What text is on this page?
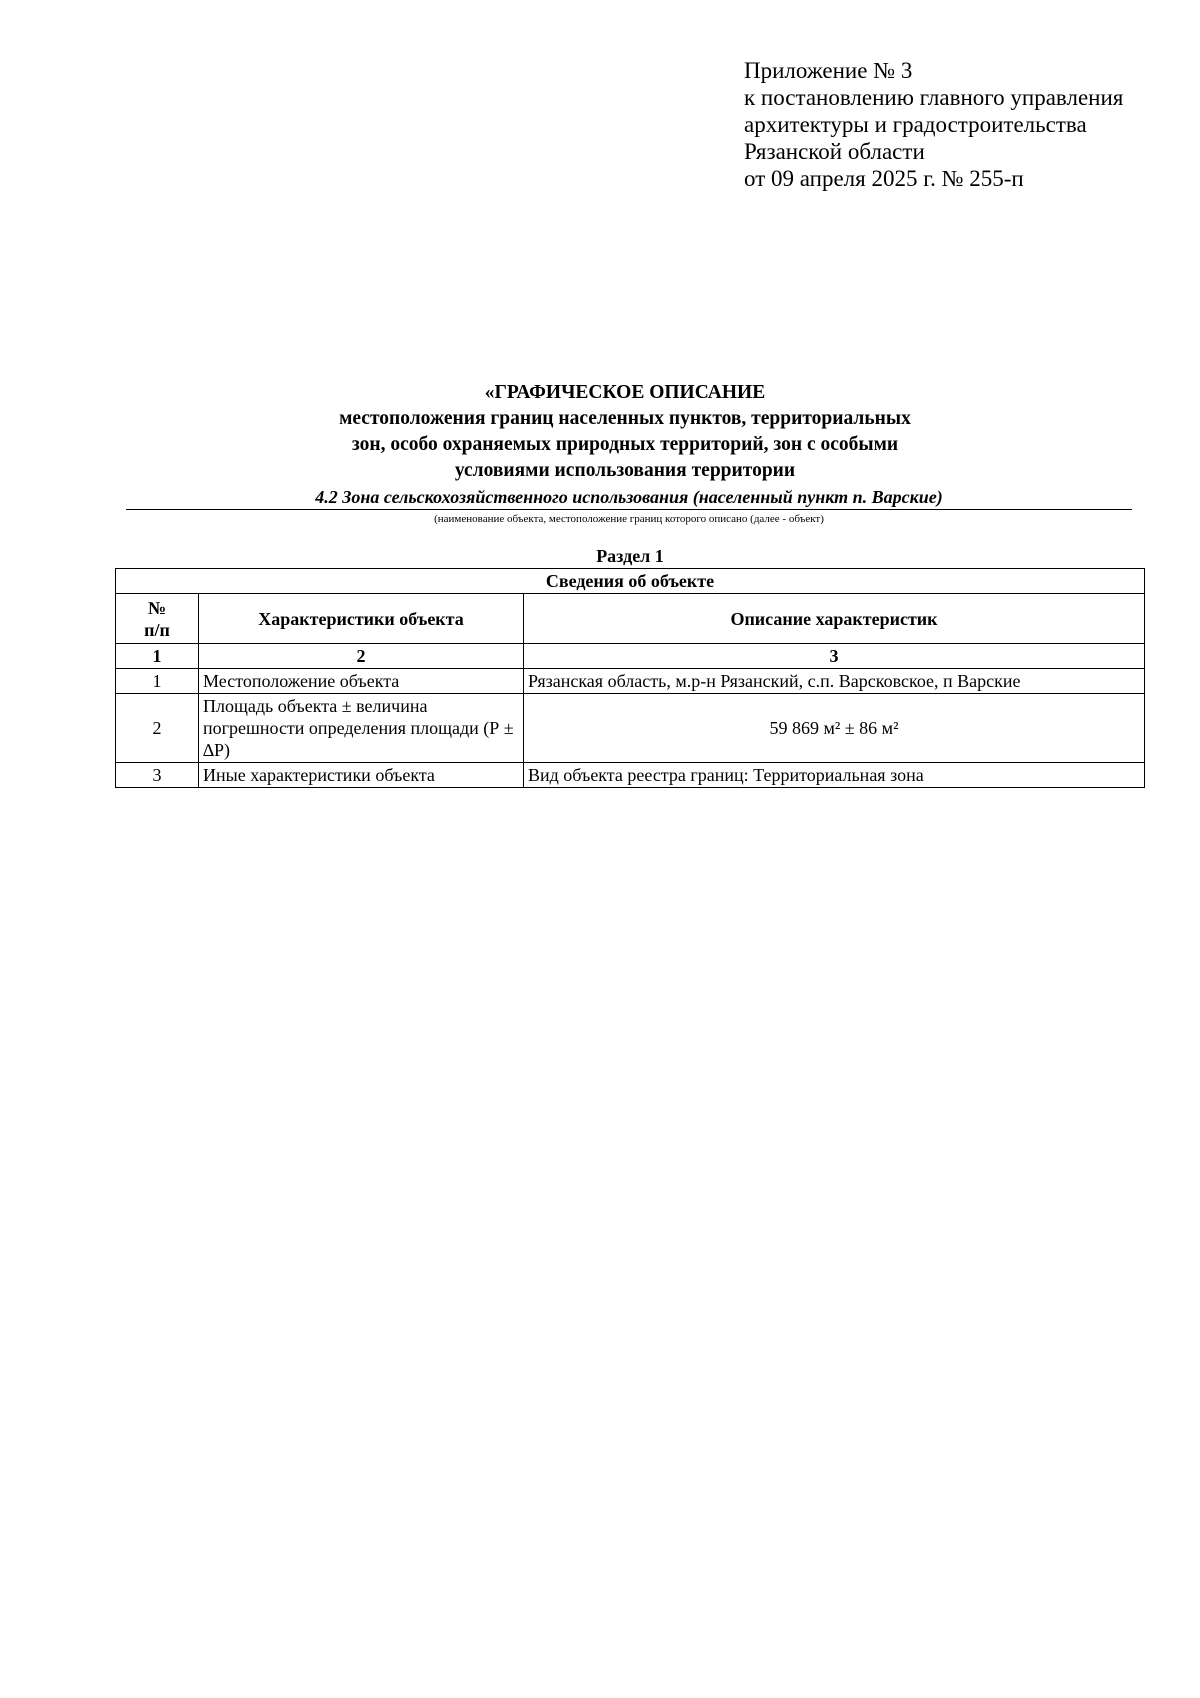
Приложение № 3
к постановлению главного управления
архитектуры и градостроительства
Рязанской области
от 09 апреля 2025 г. № 255-п
«ГРАФИЧЕСКОЕ ОПИСАНИЕ
местоположения границ населенных пунктов, территориальных
зон, особо охраняемых природных территорий, зон с особыми
условиями использования территории
4.2 Зона сельскохозяйственного использования (населенный пункт п. Варские)
(наименование объекта, местоположение границ которого описано (далее - объект)
Раздел 1
Сведения об объекте		
№
п/п	Характеристики объекта	Описание характеристик
1	2	3
1	Местоположение объекта	Рязанская область, м.р-н Рязанский, с.п. Варсковское, п Варские
2	Площадь объекта ± величина погрешности определения площади (Р ± ∆Р)	59 869 м² ± 86 м²
3	Иные характеристики объекта	Вид объекта реестра границ: Территориальная зона
